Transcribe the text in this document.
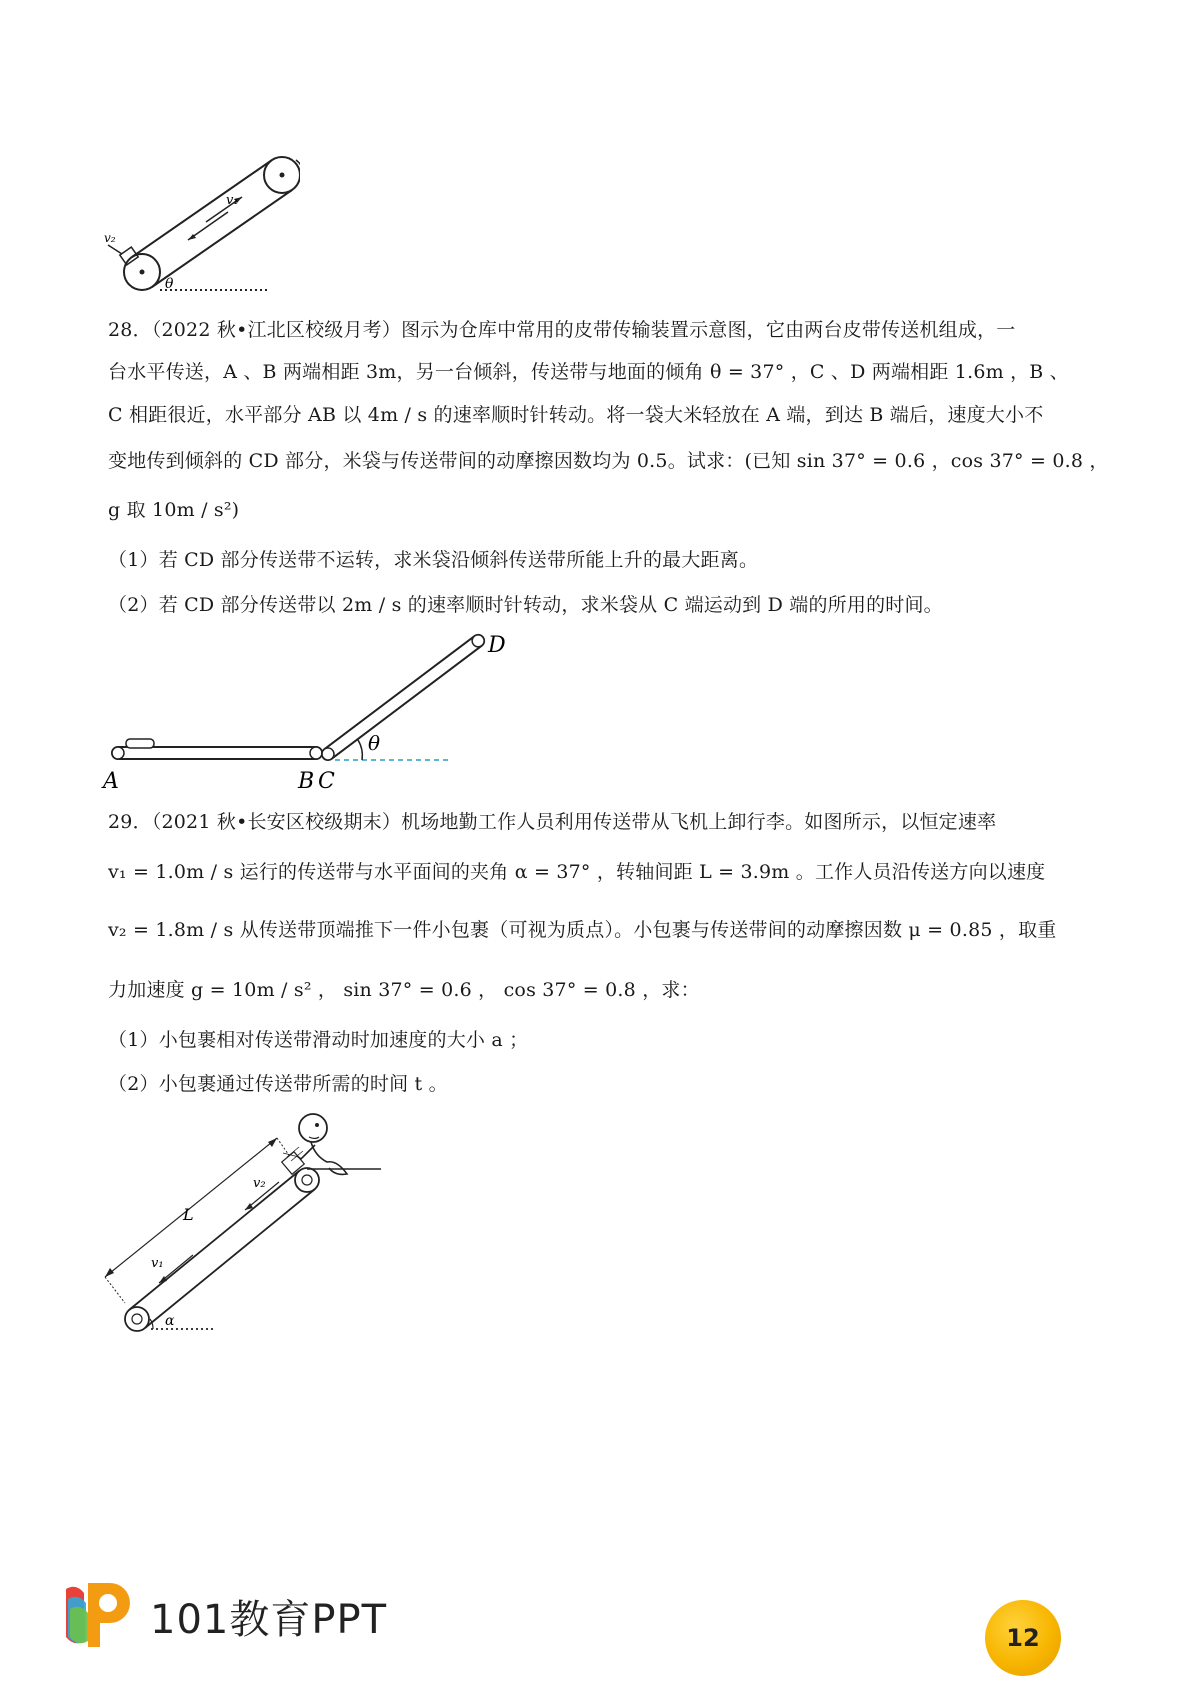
v₁
v₂
θ
28．（2022 秋•江北区校级月考）图示为仓库中常用的皮带传输装置示意图，它由两台皮带传送机组成，一
台水平传送，A 、B 两端相距 3m，另一台倾斜，传送带与地面的倾角 θ = 37° ，C 、D 两端相距 1.6m ，B 、
C 相距很近，水平部分 AB 以 4m / s 的速率顺时针转动。将一袋大米轻放在 A 端，到达 B 端后，速度大小不
变地传到倾斜的 CD 部分，米袋与传送带间的动摩擦因数均为 0.5。试求：(已知 sin 37° = 0.6 ，cos 37° = 0.8 ，
g 取 10m / s²)
（1）若 CD 部分传送带不运转，求米袋沿倾斜传送带所能上升的最大距离。
（2）若 CD 部分传送带以 2m / s 的速率顺时针转动，求米袋从 C 端运动到 D 端的所用的时间。
θ
A	B C
D
29．（2021 秋•长安区校级期末）机场地勤工作人员利用传送带从飞机上卸行李。如图所示，以恒定速率
v₁ = 1.0m / s 运行的传送带与水平面间的夹角 α = 37° ，转轴间距 L = 3.9m 。工作人员沿传送方向以速度
v₂ = 1.8m / s 从传送带顶端推下一件小包裹（可视为质点）。小包裹与传送带间的动摩擦因数 μ = 0.85 ，取重
力加速度 g = 10m / s² ， sin 37° = 0.6 ， cos 37° = 0.8 ，求：
（1）小包裹相对传送带滑动时加速度的大小 a ；
（2）小包裹通过传送带所需的时间 t 。
α
L
v₁
v₂
101教育PPT	12
